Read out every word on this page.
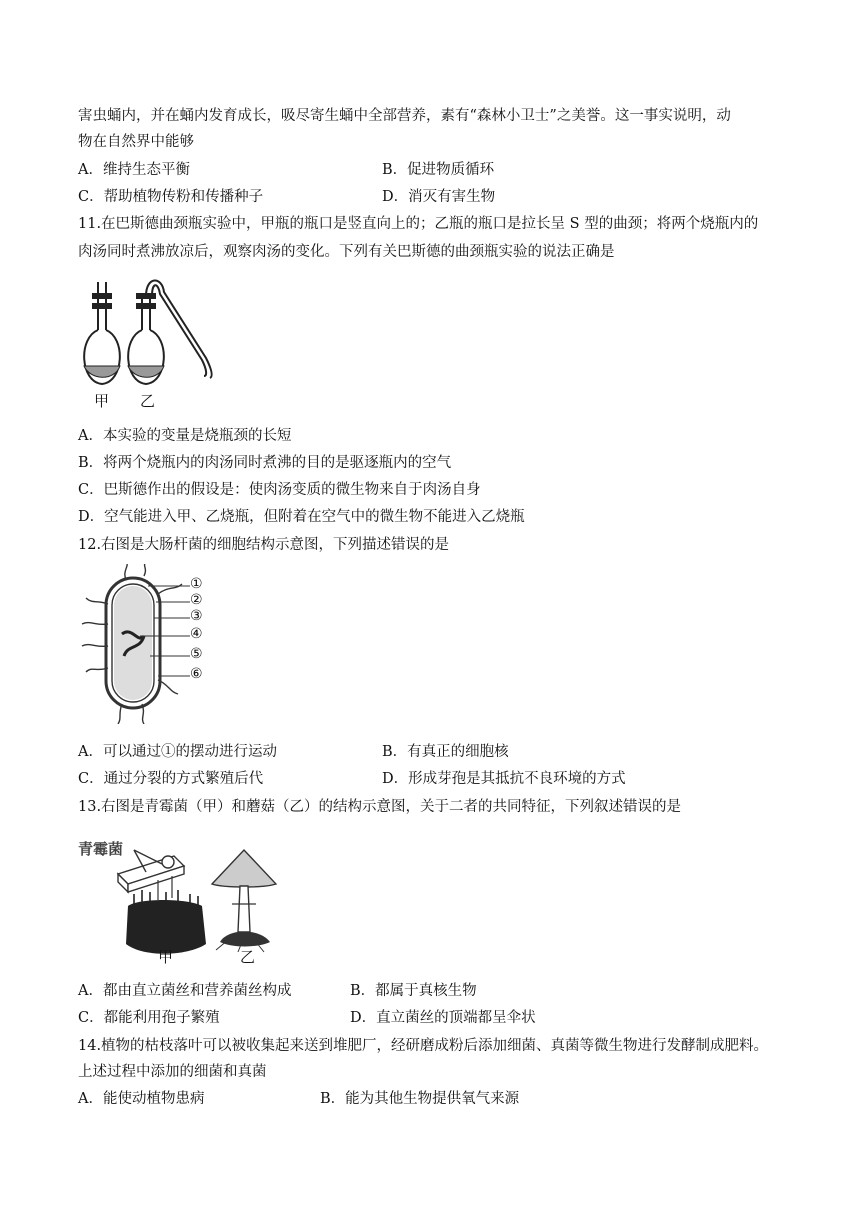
害虫蛹内，并在蛹内发育成长，吸尽寄生蛹中全部营养，素有“森林小卫士”之美誉。这一事实说明，动
物在自然界中能够
A．维持生态平衡	B．促进物质循环
C．帮助植物传粉和传播种子	D．消灭有害生物
11.在巴斯德曲颈瓶实验中，甲瓶的瓶口是竖直向上的；乙瓶的瓶口是拉长呈 S 型的曲颈；将两个烧瓶内的
肉汤同时煮沸放凉后，观察肉汤的变化。下列有关巴斯德的曲颈瓶实验的说法正确是
甲 乙
A．本实验的变量是烧瓶颈的长短
B．将两个烧瓶内的肉汤同时煮沸的目的是驱逐瓶内的空气
C．巴斯德作出的假设是：使肉汤变质的微生物来自于肉汤自身
D．空气能进入甲、乙烧瓶，但附着在空气中的微生物不能进入乙烧瓶
12.右图是大肠杆菌的细胞结构示意图，下列描述错误的是
①
②
③
④
⑤
⑥
A．可以通过①的摆动进行运动	B．有真正的细胞核
C．通过分裂的方式繁殖后代	D．形成芽孢是其抵抗不良环境的方式
13.右图是青霉菌（甲）和蘑菇（乙）的结构示意图，关于二者的共同特征，下列叙述错误的是
青霉菌
甲	乙
A．都由直立菌丝和营养菌丝构成	B．都属于真核生物
C．都能利用孢子繁殖	D．直立菌丝的顶端都呈伞状
14.植物的枯枝落叶可以被收集起来送到堆肥厂，经研磨成粉后添加细菌、真菌等微生物进行发酵制成肥料。
上述过程中添加的细菌和真菌
A．能使动植物患病	B．能为其他生物提供氧气来源
